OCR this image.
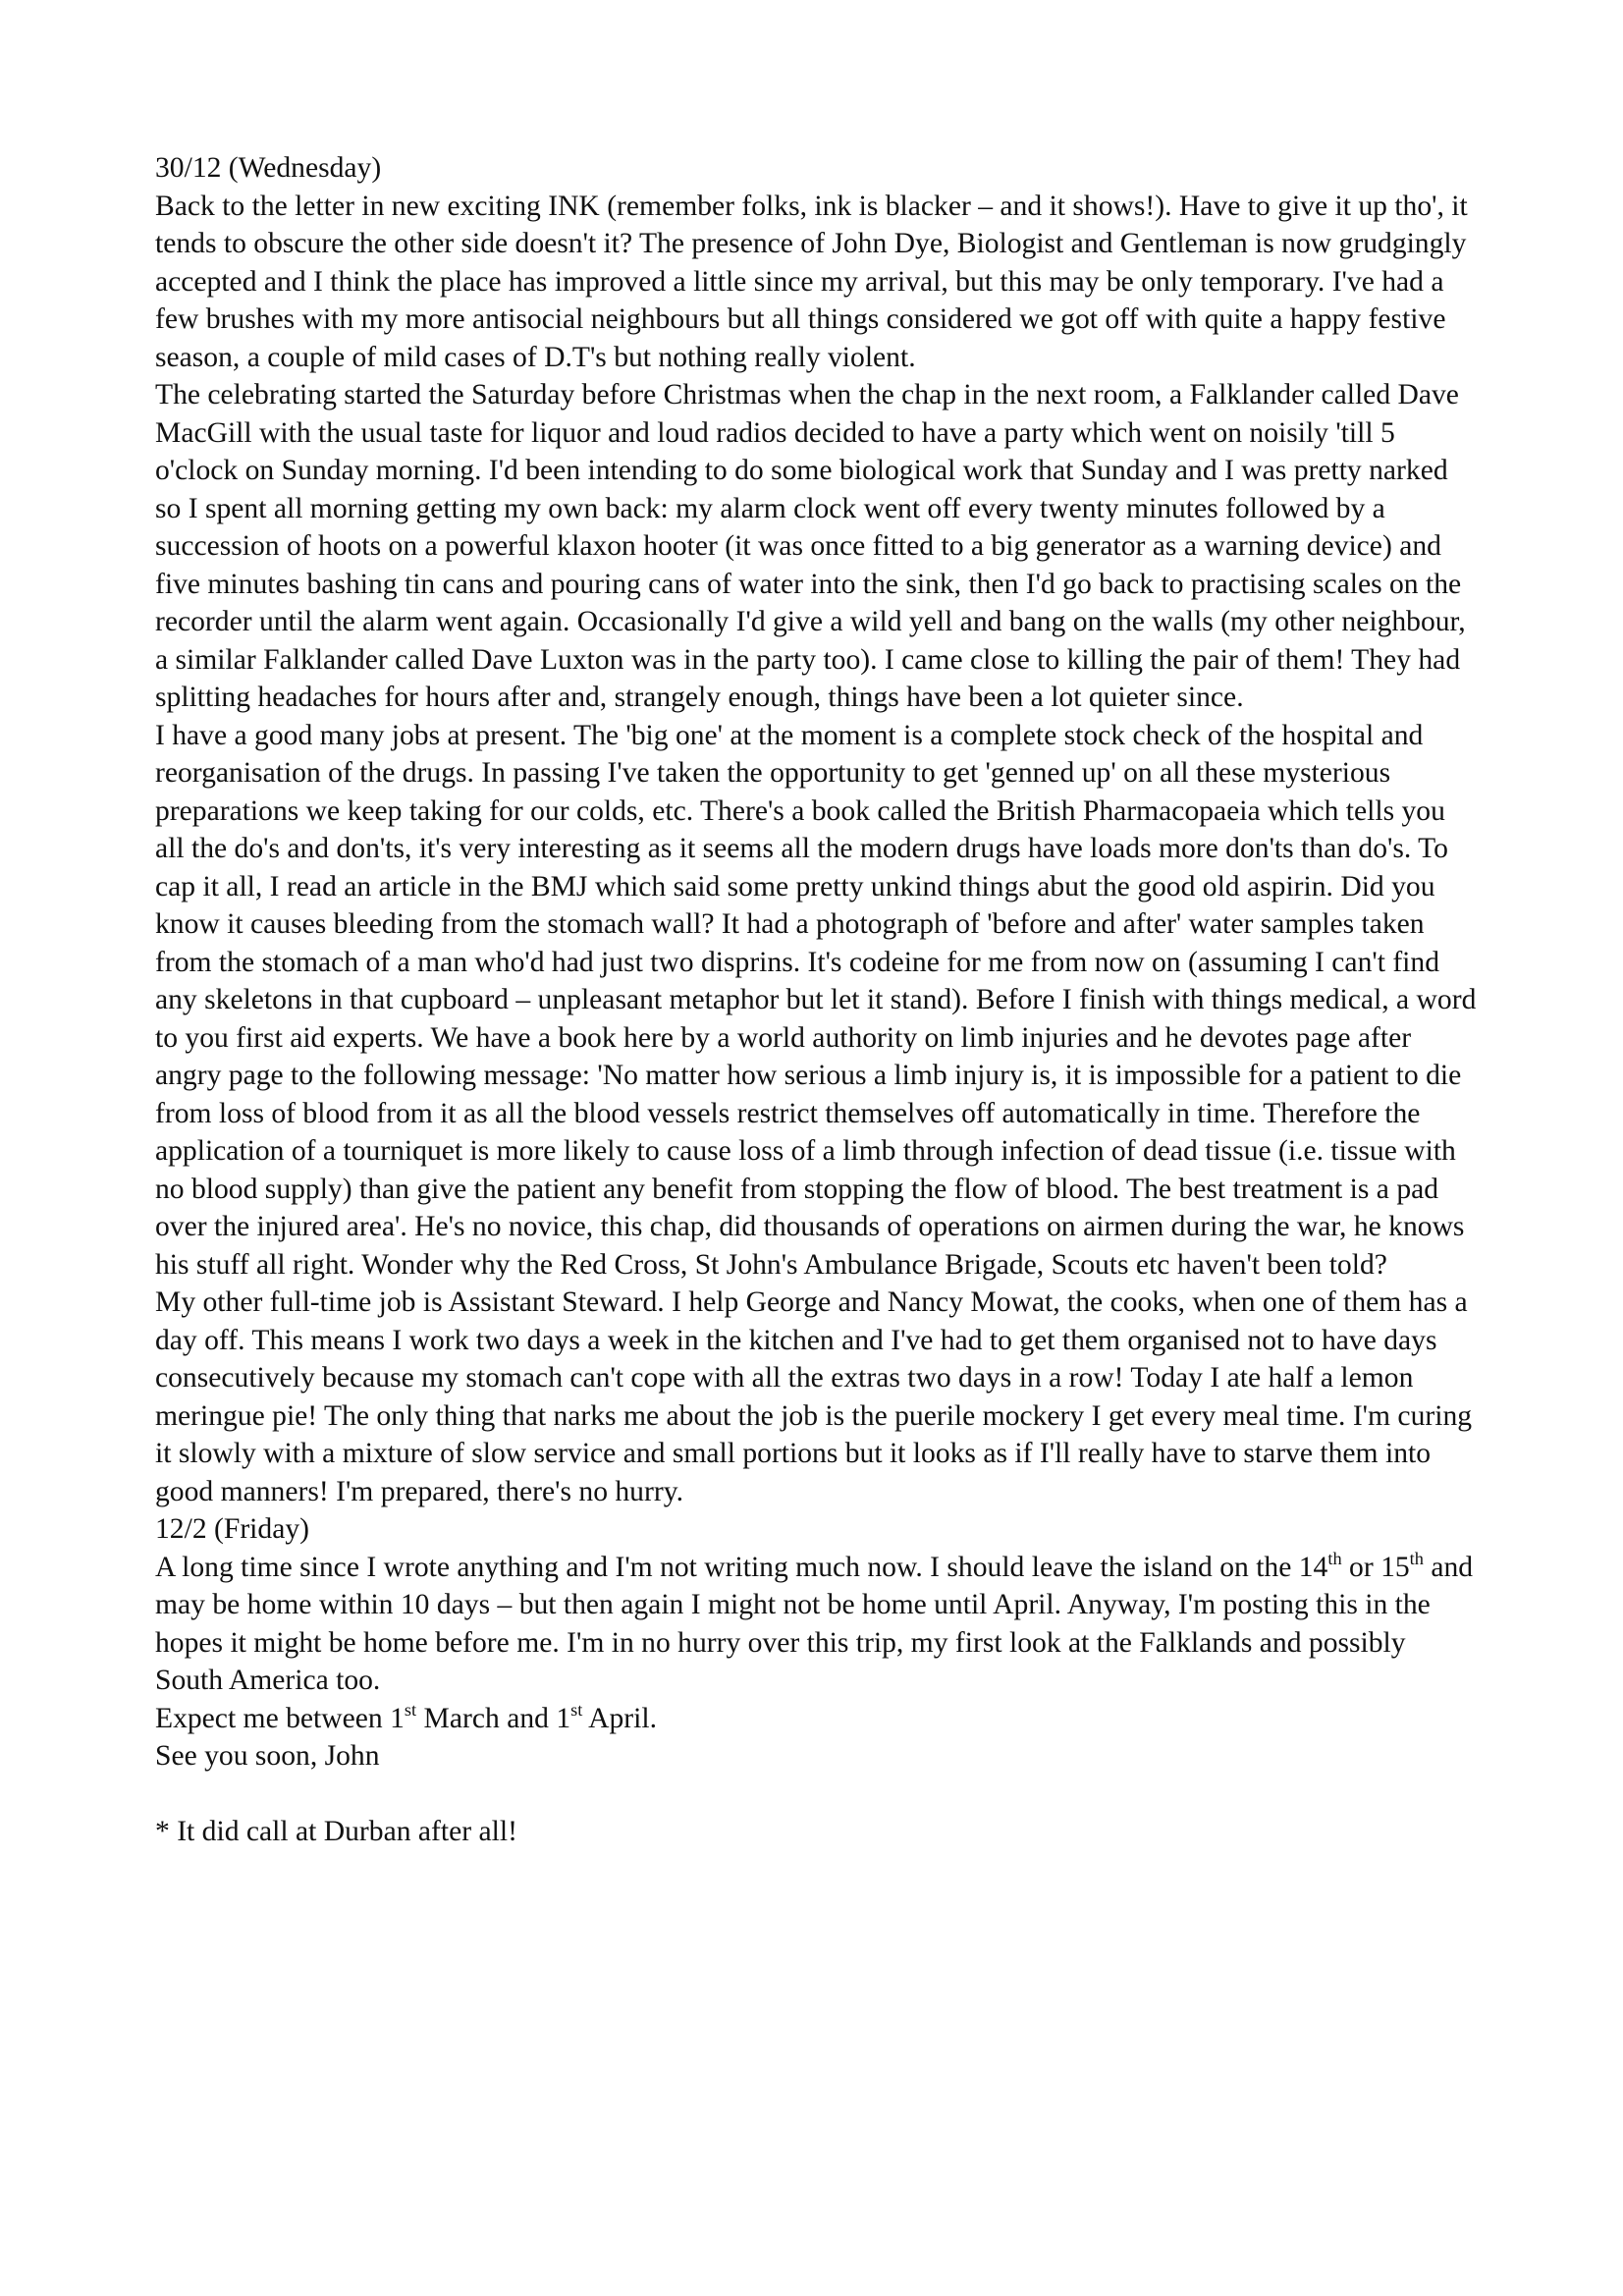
30/12 (Wednesday)

Back to the letter in new exciting INK (remember folks, ink is blacker – and it shows!). Have to give it up tho', it tends to obscure the other side doesn't it? The presence of John Dye, Biologist and Gentleman is now grudgingly accepted and I think the place has improved a little since my arrival, but this may be only temporary. I've had a few brushes with my more antisocial neighbours but all things considered we got off with quite a happy festive season, a couple of mild cases of D.T's but nothing really violent.

The celebrating started the Saturday before Christmas when the chap in the next room, a Falklander called Dave MacGill with the usual taste for liquor and loud radios decided to have a party which went on noisily 'till 5 o'clock on Sunday morning. I'd been intending to do some biological work that Sunday and I was pretty narked so I spent all morning getting my own back: my alarm clock went off every twenty minutes followed by a succession of hoots on a powerful klaxon hooter (it was once fitted to a big generator as a warning device) and five minutes bashing tin cans and pouring cans of water into the sink, then I'd go back to practising scales on the recorder until the alarm went again. Occasionally I'd give a wild yell and bang on the walls (my other neighbour, a similar Falklander called Dave Luxton was in the party too). I came close to killing the pair of them! They had splitting headaches for hours after and, strangely enough, things have been a lot quieter since.

I have a good many jobs at present. The 'big one' at the moment is a complete stock check of the hospital and reorganisation of the drugs. In passing I've taken the opportunity to get 'genned up' on all these mysterious preparations we keep taking for our colds, etc. There's a book called the British Pharmacopaeia which tells you all the do's and don'ts, it's very interesting as it seems all the modern drugs have loads more don'ts than do's. To cap it all, I read an article in the BMJ which said some pretty unkind things abut the good old aspirin. Did you know it causes bleeding from the stomach wall? It had a photograph of 'before and after' water samples taken from the stomach of a man who'd had just two disprins. It's codeine for me from now on (assuming I can't find any skeletons in that cupboard – unpleasant metaphor but let it stand). Before I finish with things medical, a word to you first aid experts. We have a book here by a world authority on limb injuries and he devotes page after angry page to the following message: 'No matter how serious a limb injury is, it is impossible for a patient to die from loss of blood from it as all the blood vessels restrict themselves off automatically in time. Therefore the application of a tourniquet is more likely to cause loss of a limb through infection of dead tissue (i.e. tissue with no blood supply) than give the patient any benefit from stopping the flow of blood. The best treatment is a pad over the injured area'. He's no novice, this chap, did thousands of operations on airmen during the war, he knows his stuff all right. Wonder why the Red Cross, St John's Ambulance Brigade, Scouts etc haven't been told?

My other full-time job is Assistant Steward. I help George and Nancy Mowat, the cooks, when one of them has a day off. This means I work two days a week in the kitchen and I've had to get them organised not to have days consecutively because my stomach can't cope with all the extras two days in a row! Today I ate half a lemon meringue pie! The only thing that narks me about the job is the puerile mockery I get every meal time. I'm curing it slowly with a mixture of slow service and small portions but it looks as if I'll really have to starve them into good manners! I'm prepared, there's no hurry.

12/2 (Friday)

A long time since I wrote anything and I'm not writing much now. I should leave the island on the 14th or 15th and may be home within 10 days – but then again I might not be home until April. Anyway, I'm posting this in the hopes it might be home before me. I'm in no hurry over this trip, my first look at the Falklands and possibly South America too.

Expect me between 1st March and 1st April.

See you soon, John

* It did call at Durban after all!
